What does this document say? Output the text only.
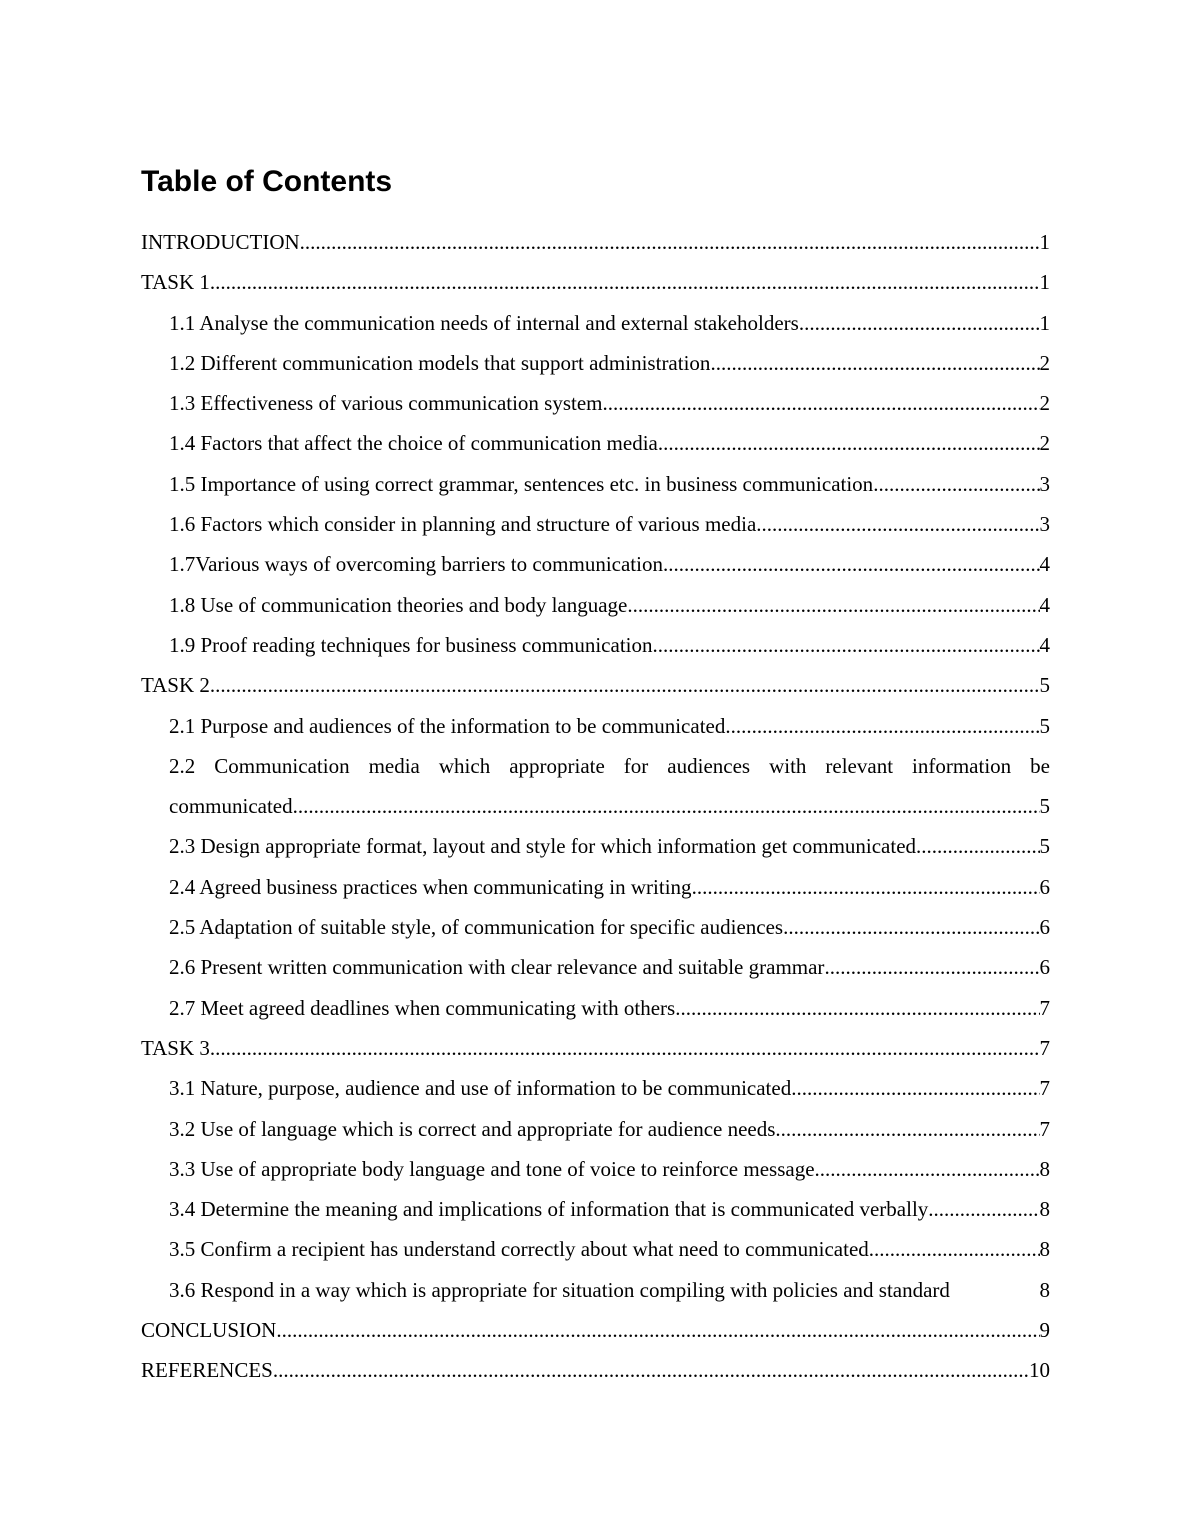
Table of Contents
INTRODUCTION .....	1
TASK 1 .....	1
1.1 Analyse the communication needs of internal and external stakeholders .....	1
1.2 Different communication models that support administration .....	2
1.3 Effectiveness of various communication system .....	2
1.4 Factors that affect the choice of communication media .....	2
1.5 Importance of using correct grammar, sentences etc. in business communication .....	3
1.6 Factors which consider in planning and structure of various media .....	3
1.7Various ways of overcoming barriers to communication .....	4
1.8 Use of communication theories and body language .....	4
1.9 Proof reading techniques for business communication .....	4
TASK 2 .....	5
2.1 Purpose and audiences of the information to be communicated .....	5
2.2 Communication media which appropriate for audiences with relevant information be
communicated .....	5
2.3 Design appropriate format, layout and style for which information get communicated .....	5
2.4 Agreed business practices when communicating in writing .....	6
2.5 Adaptation of suitable style, of communication for specific audiences .....	6
2.6 Present written communication with clear relevance and suitable grammar .....	6
2.7 Meet agreed deadlines when communicating with others .....	7
TASK 3 .....	7
3.1 Nature, purpose, audience and use of information to be communicated .....	7
3.2 Use of language which is correct and appropriate for audience needs .....	7
3.3 Use of appropriate body language and tone of voice to reinforce message .....	8
3.4 Determine the meaning and implications of information that is communicated verbally .....	8
3.5 Confirm a recipient has understand correctly about what need to communicated .....	8
3.6 Respond in a way which is appropriate for situation compiling with policies and standard	8
CONCLUSION .....	9
REFERENCES .....	10
